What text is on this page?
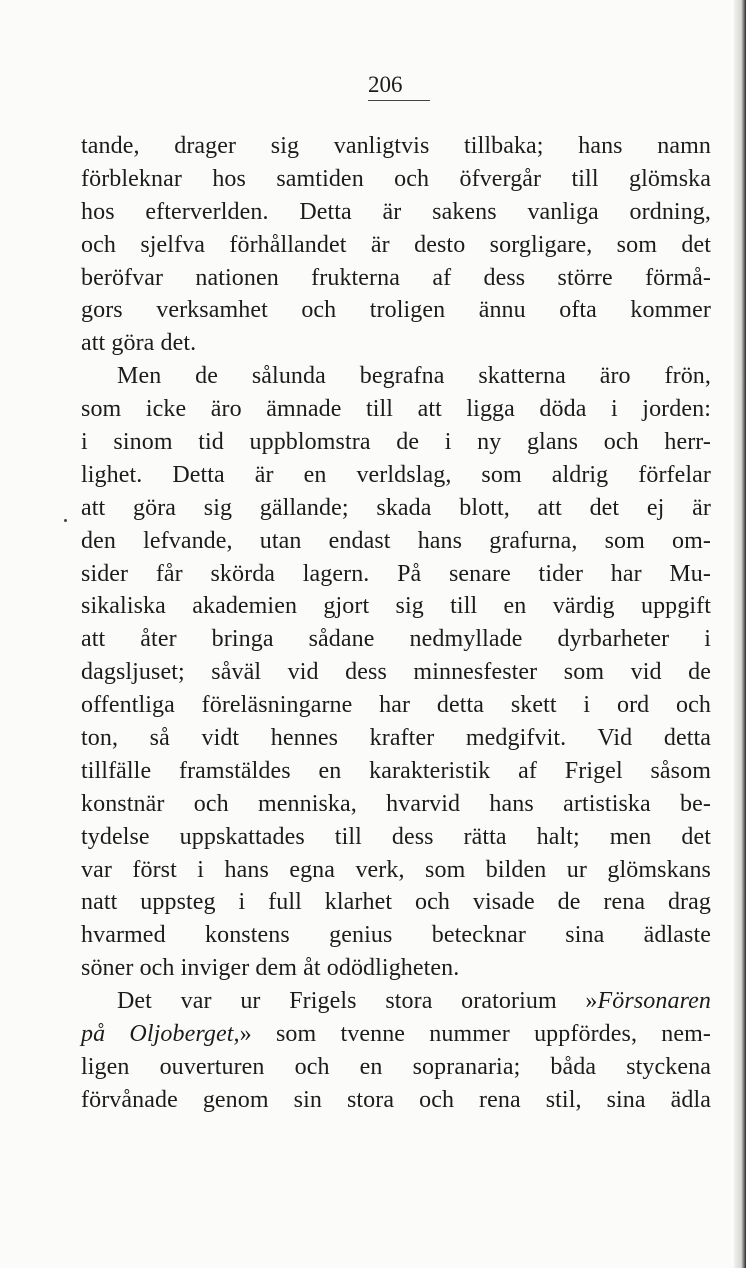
206
tande, drager sig vanligtvis tillbaka; hans namn
förbleknar hos samtiden och öfvergår till glömska
hos efterverlden. Detta är sakens vanliga ordning,
och sjelfva förhållandet är desto sorgligare, som det
beröfvar nationen frukterna af dess större förmå-
gors verksamhet och troligen ännu ofta kommer
att göra det.
Men de sålunda begrafna skatterna äro frön,
som icke äro ämnade till att ligga döda i jorden:
i sinom tid uppblomstra de i ny glans och herr-
lighet. Detta är en verldslag, som aldrig förfelar
att göra sig gällande; skada blott, att det ej är
den lefvande, utan endast hans grafurna, som om-
sider får skörda lagern. På senare tider har Mu-
sikaliska akademien gjort sig till en värdig uppgift
att åter bringa sådane nedmyllade dyrbarheter i
dagsljuset; såväl vid dess minnesfester som vid de
offentliga föreläsningarne har detta skett i ord och
ton, så vidt hennes krafter medgifvit. Vid detta
tillfälle framstäldes en karakteristik af Frigel såsom
konstnär och menniska, hvarvid hans artistiska be-
tydelse uppskattades till dess rätta halt; men det
var först i hans egna verk, som bilden ur glömskans
natt uppsteg i full klarhet och visade de rena drag
hvarmed konstens genius betecknar sina ädlaste
söner och inviger dem åt odödligheten.
Det var ur Frigels stora oratorium »Försonaren
på Oljoberget,» som tvenne nummer uppfördes, nem-
ligen ouverturen och en sopranaria; båda styckena
förvånade genom sin stora och rena stil, sina ädla
